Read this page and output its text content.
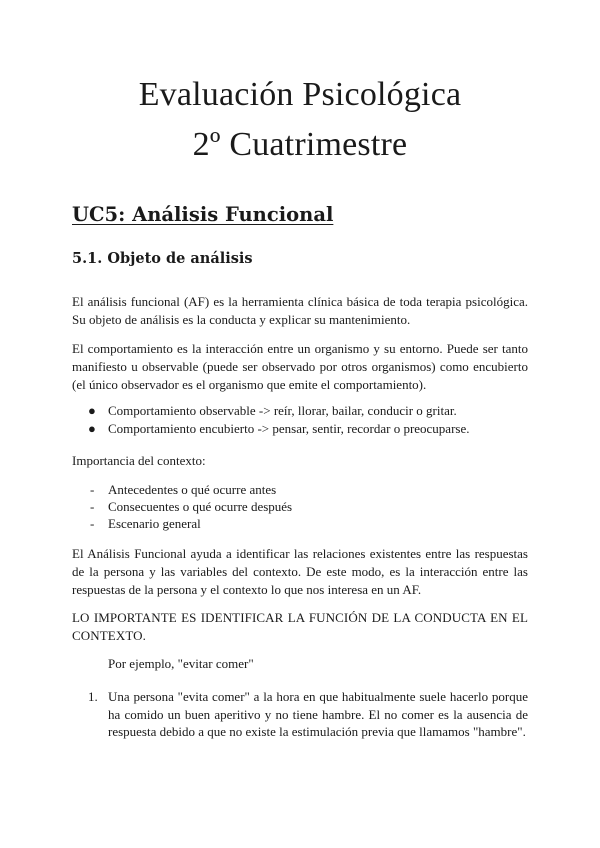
Evaluación Psicológica
2º Cuatrimestre
UC5: Análisis Funcional
5.1. Objeto de análisis

El análisis funcional (AF) es la herramienta clínica básica de toda terapia psicológica. Su objeto de análisis es la conducta y explicar su mantenimiento.

El comportamiento es la interacción entre un organismo y su entorno. Puede ser tanto manifiesto u observable (puede ser observado por otros organismos) como encubierto (el único observador es el organismo que emite el comportamiento).

● Comportamiento observable -> reír, llorar, bailar, conducir o gritar.
● Comportamiento encubierto -> pensar, sentir, recordar o preocuparse.

Importancia del contexto:

- Antecedentes o qué ocurre antes
- Consecuentes o qué ocurre después
- Escenario general

El Análisis Funcional ayuda a identificar las relaciones existentes entre las respuestas de la persona y las variables del contexto. De este modo, es la interacción entre las respuestas de la persona y el contexto lo que nos interesa en un AF.

LO IMPORTANTE ES IDENTIFICAR LA FUNCIÓN DE LA CONDUCTA EN EL CONTEXTO.

Por ejemplo, "evitar comer"

1. Una persona "evita comer" a la hora en que habitualmente suele hacerlo porque ha comido un buen aperitivo y no tiene hambre. El no comer es la ausencia de respuesta debido a que no existe la estimulación previa que llamamos "hambre".
